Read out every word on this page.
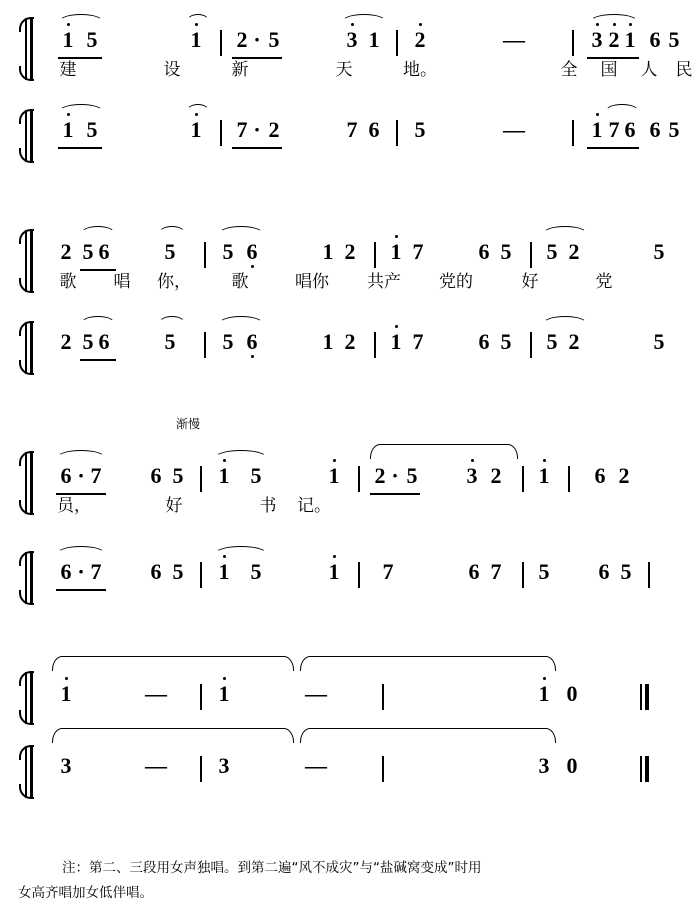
1 5	1 2 · 5	3 1 2	—	3 2 1 6 5
建	设	新	天	地。	全 国 人 民
1 5	1 7 · 2	7 6 5	—	1 7 6 6 5
2 5 6	5 5 6	1 2 1 7	6 5 5 2	5
歌 唱 你， 歌	唱你 共产 党的	好	党
2 5 6	5 5 6	1 2 1 7	6 5 5 2	5
渐慢
6 · 7 6 5 1 5	1 2 · 5 3 2 1 6 2
员，	好	书 记。
6 · 7 6 5 1 5	1 7	6 7 5 6 5
1	— 1	—	1 0
3	— 3	—	3 0
注：第二、三段用女声独唱。到第二遍“风不成灾”与“盐碱窝变成”时用
女高齐唱加女低伴唱。
